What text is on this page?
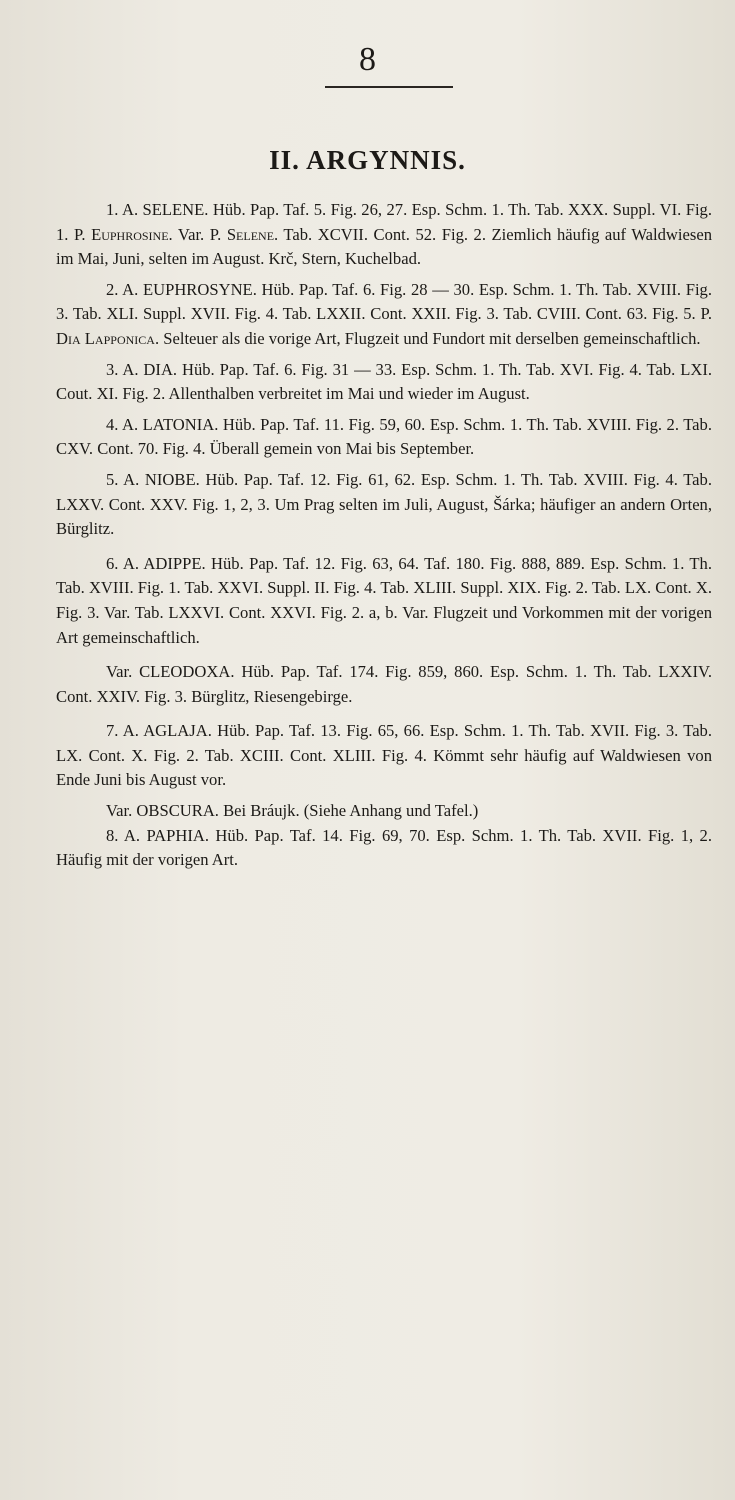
8
II. ARGYNNIS.

1. A. SELENE. Hüb. Pap. Taf. 5. Fig. 26, 27. Esp. Schm. 1. Th. Tab. XXX. Suppl. VI. Fig. 1. P. Euphrosine. Var. P. Selene. Tab. XCVII. Cont. 52. Fig. 2. Ziemlich häufig auf Waldwiesen im Mai, Juni, selten im August. Krč, Stern, Kuchelbad.

2. A. EUPHROSYNE. Hüb. Pap. Taf. 6. Fig. 28 — 30. Esp. Schm. 1. Th. Tab. XVIII. Fig. 3. Tab. XLI. Suppl. XVII. Fig. 4. Tab. LXXII. Cont. XXII. Fig. 3. Tab. CVIII. Cont. 63. Fig. 5. P. Dia Lapponica. Selteuer als die vorige Art, Flugzeit und Fundort mit derselben gemeinschaftlich.

3. A. DIA. Hüb. Pap. Taf. 6. Fig. 31 — 33. Esp. Schm. 1. Th. Tab. XVI. Fig. 4. Tab. LXI. Cout. XI. Fig. 2. Allenthalben verbreitet im Mai und wieder im August.

4. A. LATONIA. Hüb. Pap. Taf. 11. Fig. 59, 60. Esp. Schm. 1. Th. Tab. XVIII. Fig. 2. Tab. CXV. Cont. 70. Fig. 4. Überall gemein von Mai bis September.

5. A. NIOBE. Hüb. Pap. Taf. 12. Fig. 61, 62. Esp. Schm. 1. Th. Tab. XVIII. Fig. 4. Tab. LXXV. Cont. XXV. Fig. 1, 2, 3. Um Prag selten im Juli, August, Šárka; häufiger an andern Orten, Bürglitz.

6. A. ADIPPE. Hüb. Pap. Taf. 12. Fig. 63, 64. Taf. 180. Fig. 888, 889. Esp. Schm. 1. Th. Tab. XVIII. Fig. 1. Tab. XXVI. Suppl. II. Fig. 4. Tab. XLIII. Suppl. XIX. Fig. 2. Tab. LX. Cont. X. Fig. 3. Var. Tab. LXXVI. Cont. XXVI. Fig. 2. a, b. Var. Flugzeit und Vorkommen mit der vorigen Art gemeinschaftlich.

Var. CLEODOXA. Hüb. Pap. Taf. 174. Fig. 859, 860. Esp. Schm. 1. Th. Tab. LXXIV. Cont. XXIV. Fig. 3. Bürglitz, Riesengebirge.

7. A. AGLAJA. Hüb. Pap. Taf. 13. Fig. 65, 66. Esp. Schm. 1. Th. Tab. XVII. Fig. 3. Tab. LX. Cont. X. Fig. 2. Tab. XCIII. Cont. XLIII. Fig. 4. Kömmt sehr häufig auf Waldwiesen von Ende Juni bis August vor.

Var. OBSCURA. Bei Bráujk. (Siehe Anhang und Tafel.)

8. A. PAPHIA. Hüb. Pap. Taf. 14. Fig. 69, 70. Esp. Schm. 1. Th. Tab. XVII. Fig. 1, 2. Häufig mit der vorigen Art.
